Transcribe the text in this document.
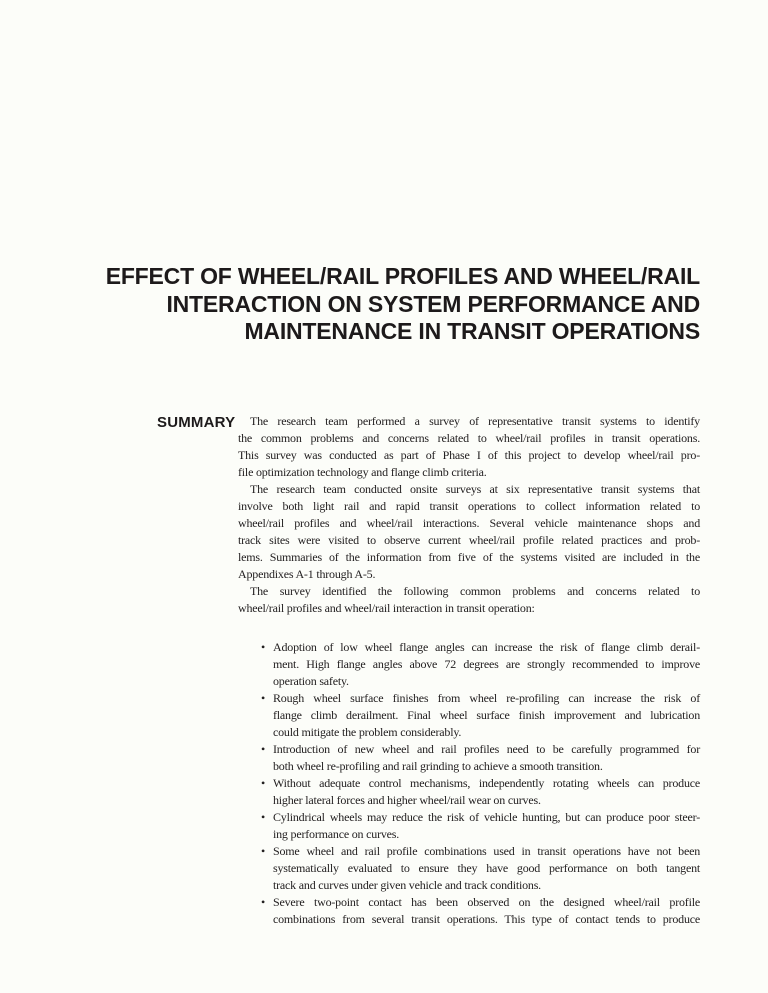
EFFECT OF WHEEL/RAIL PROFILES AND WHEEL/RAIL
INTERACTION ON SYSTEM PERFORMANCE AND
MAINTENANCE IN TRANSIT OPERATIONS
SUMMARY	The research team performed a survey of representative transit systems to identify
the common problems and concerns related to wheel/rail profiles in transit operations.
This survey was conducted as part of Phase I of this project to develop wheel/rail pro-
file optimization technology and flange climb criteria.

The research team conducted onsite surveys at six representative transit systems that
involve both light rail and rapid transit operations to collect information related to
wheel/rail profiles and wheel/rail interactions. Several vehicle maintenance shops and
track sites were visited to observe current wheel/rail profile related practices and prob-
lems. Summaries of the information from five of the systems visited are included in the
Appendixes A-1 through A-5.

The survey identified the following common problems and concerns related to
wheel/rail profiles and wheel/rail interaction in transit operation:

• Adoption of low wheel flange angles can increase the risk of flange climb derail-
ment. High flange angles above 72 degrees are strongly recommended to improve
operation safety.
• Rough wheel surface finishes from wheel re-profiling can increase the risk of
flange climb derailment. Final wheel surface finish improvement and lubrication
could mitigate the problem considerably.
• Introduction of new wheel and rail profiles need to be carefully programmed for
both wheel re-profiling and rail grinding to achieve a smooth transition.
• Without adequate control mechanisms, independently rotating wheels can produce
higher lateral forces and higher wheel/rail wear on curves.
• Cylindrical wheels may reduce the risk of vehicle hunting, but can produce poor steer-
ing performance on curves.
• Some wheel and rail profile combinations used in transit operations have not been
systematically evaluated to ensure they have good performance on both tangent
track and curves under given vehicle and track conditions.
• Severe two-point contact has been observed on the designed wheel/rail profile
combinations from several transit operations. This type of contact tends to produce
